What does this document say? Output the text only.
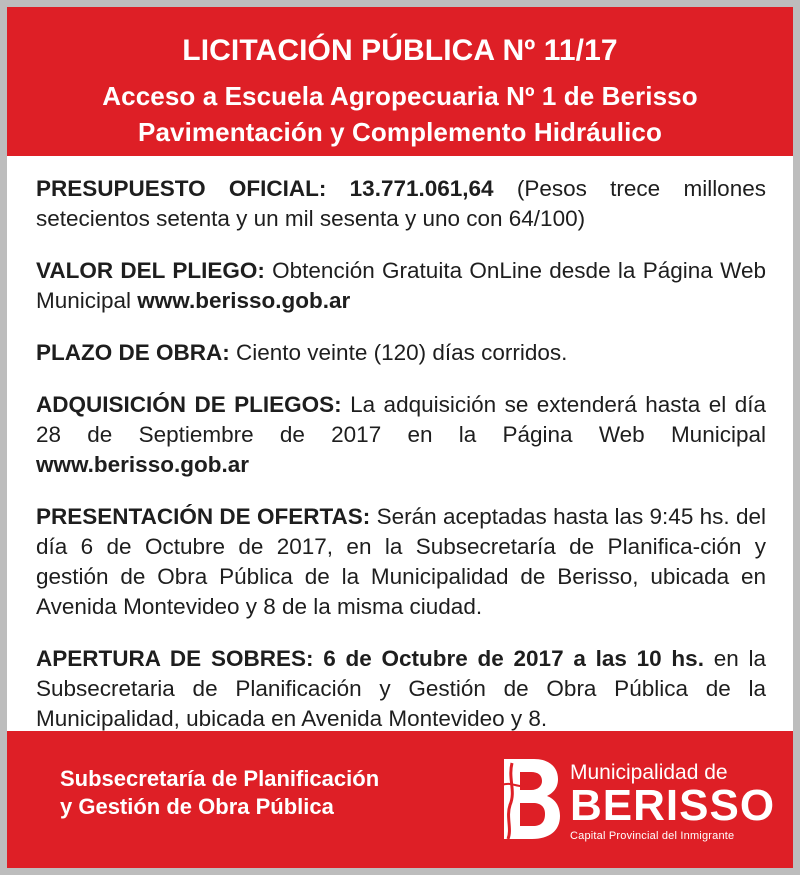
LICITACIÓN PÚBLICA Nº 11/17
Acceso a Escuela Agropecuaria Nº 1 de Berisso
Pavimentación y Complemento Hidráulico

PRESUPUESTO OFICIAL: 13.771.061,64 (Pesos trece millones setecientos setenta y un mil sesenta y uno con 64/100)

VALOR DEL PLIEGO: Obtención Gratuita OnLine desde la Página Web Municipal www.berisso.gob.ar

PLAZO DE OBRA: Ciento veinte (120) días corridos.

ADQUISICIÓN DE PLIEGOS: La adquisición se extenderá hasta el día 28 de Septiembre de 2017 en la Página Web Municipal www.berisso.gob.ar

PRESENTACIÓN DE OFERTAS: Serán aceptadas hasta las 9:45 hs. del día 6 de Octubre de 2017, en la Subsecretaría de Planifica-ción y gestión de Obra Pública de la Municipalidad de Berisso, ubicada en Avenida Montevideo y 8 de la misma ciudad.

APERTURA DE SOBRES: 6 de Octubre de 2017 a las 10 hs. en la Subsecretaria de Planificación y Gestión de Obra Pública de la Municipalidad, ubicada en Avenida Montevideo y 8.

Subsecretaría de Planificación
y Gestión de Obra Pública
Municipalidad de
BERISSO
Capital Provincial del Inmigrante
